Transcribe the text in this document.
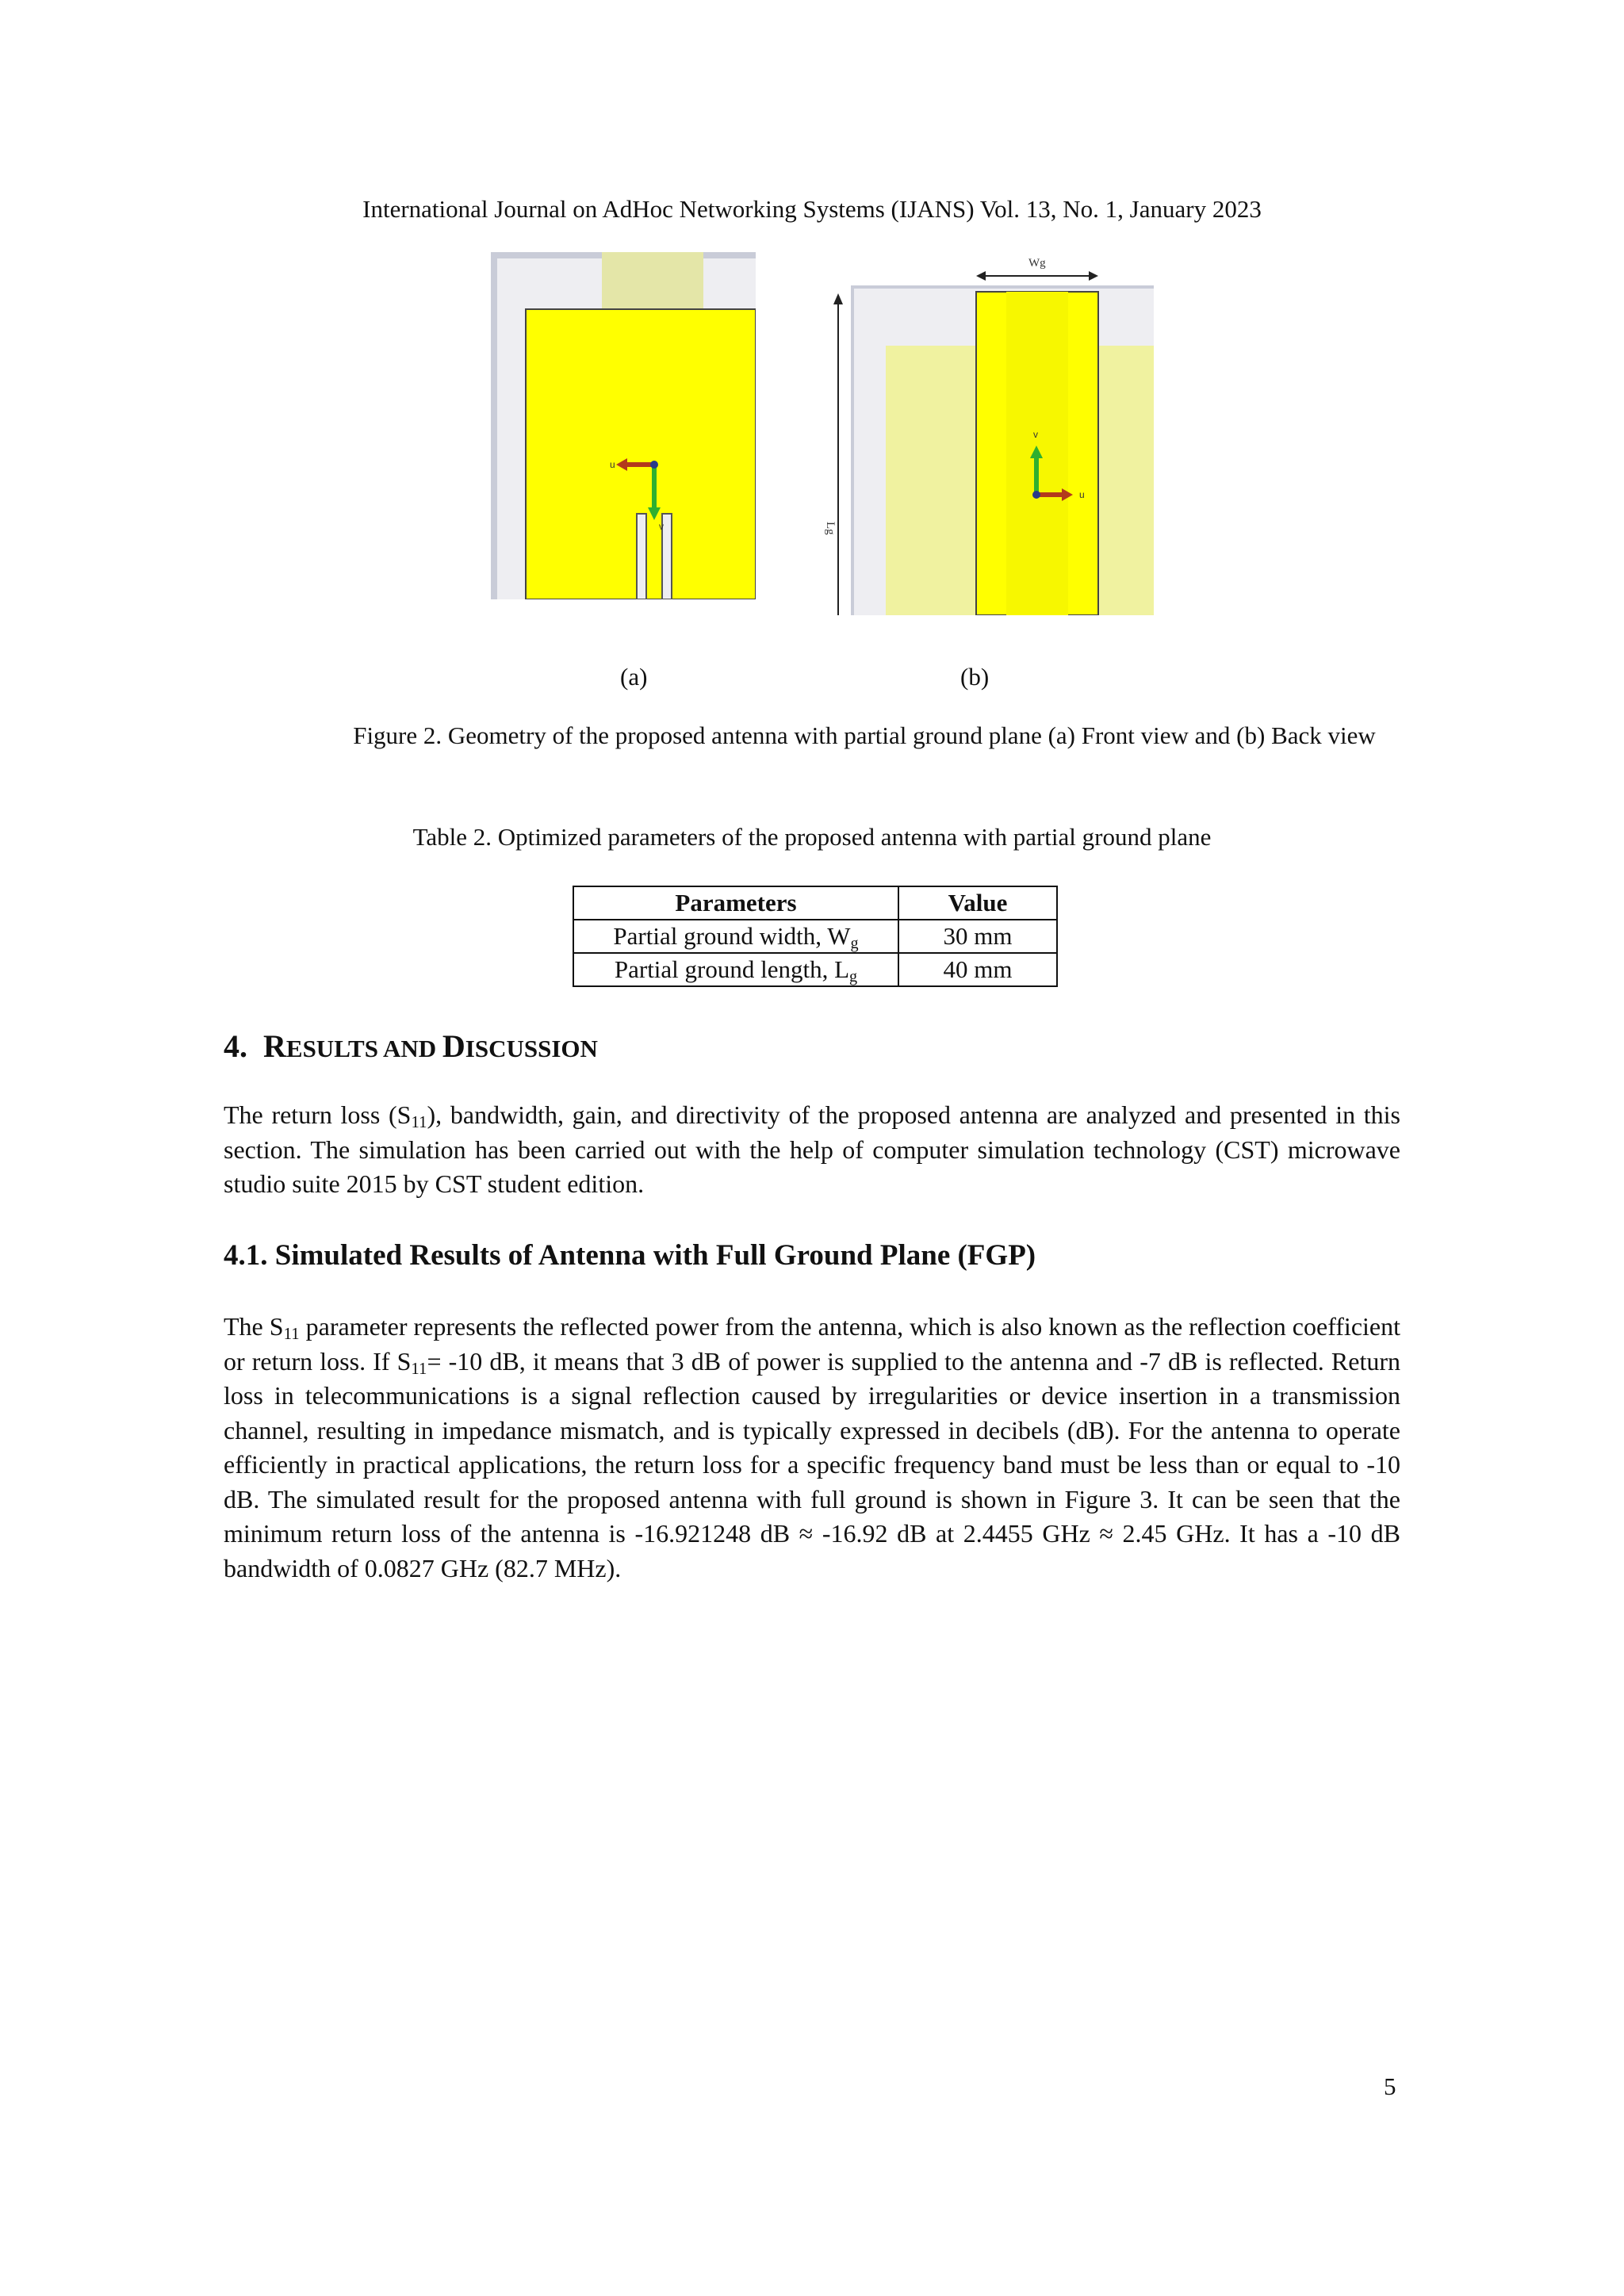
International Journal on AdHoc Networking Systems (IJANS) Vol. 13, No. 1, January 2023
u
v
Wg
Lg
v
u
(a)	(b)
Figure 2. Geometry of the proposed antenna with partial ground plane (a) Front view and (b) Back view
Table 2. Optimized parameters of the proposed antenna with partial ground plane
Parameters	Value
Partial ground width, $W_g$	30 mm
Partial ground length, $L_g$	40 mm
4. RESULTS AND DISCUSSION

The return loss $(S_{11})$, bandwidth, gain, and directivity of the proposed antenna are analyzed and presented in this section. The simulation has been carried out with the help of computer simulation technology (CST) microwave studio suite 2015 by CST student edition.

4.1. Simulated Results of Antenna with Full Ground Plane (FGP)

The $S_{11}$ parameter represents the reflected power from the antenna, which is also known as the reflection coefficient or return loss. If $S_{11}= -10$ dB, it means that 3 dB of power is supplied to the antenna and -7 dB is reflected. Return loss in telecommunications is a signal reflection caused by irregularities or device insertion in a transmission channel, resulting in impedance mismatch, and is typically expressed in decibels (dB). For the antenna to operate efficiently in practical applications, the return loss for a specific frequency band must be less than or equal to -10 dB. The simulated result for the proposed antenna with full ground is shown in Figure 3. It can be seen that the minimum return loss of the antenna is -16.921248 dB ≈ -16.92 dB at 2.4455 GHz ≈ 2.45 GHz. It has a -10 dB bandwidth of 0.0827 GHz (82.7 MHz).

5
